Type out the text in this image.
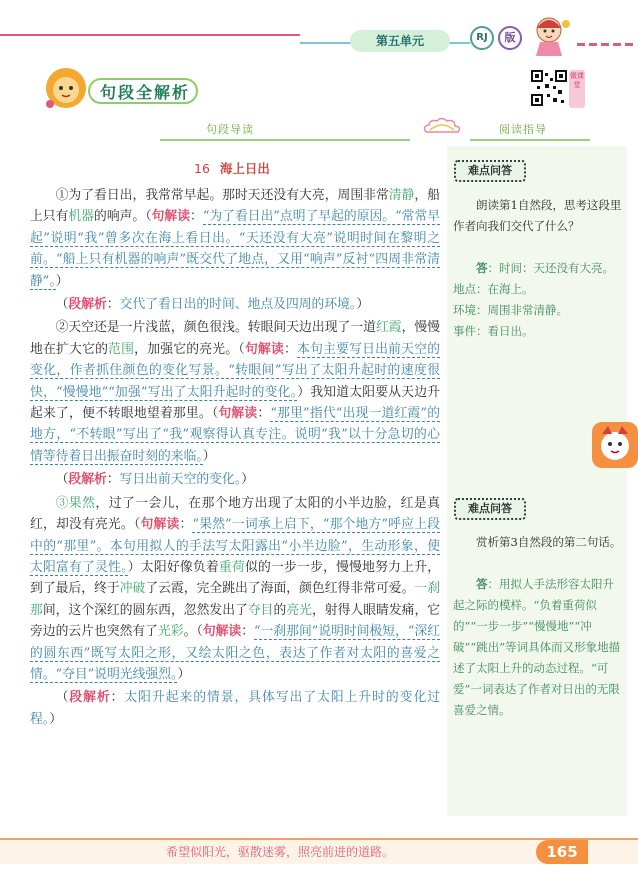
第五单元	RJ	版
句段全解析
微课堂
句段导读	阅读指导
难点问答
朗读第1自然段，思考这段里作者向我们交代了什么？
答：时间：天还没有大亮。
地点：在海上。
环境：周围非常清静。
事件：看日出。
难点问答
赏析第3自然段的第二句话。
答：用拟人手法形容太阳升起之际的模样。“负着重荷似的”“一步一步”“慢慢地”“冲破”“跳出”等词具体而又形象地描述了太阳上升的动态过程。“可爱”一词表达了作者对日出的无限喜爱之情。
16 海上日出

①为了看日出，我常常早起。那时天还没有大亮，周围非常清静，船上只有机器的响声。（句解读：“为了看日出”点明了早起的原因。“常常早起”说明“我”曾多次在海上看日出。“天还没有大亮”说明时间在黎明之前。“船上只有机器的响声”既交代了地点，又用“响声”反衬“四周非常清静”。）

（段解析：交代了看日出的时间、地点及四周的环境。）

②天空还是一片浅蓝，颜色很浅。转眼间天边出现了一道红霞，慢慢地在扩大它的范围，加强它的亮光。（句解读：本句主要写日出前天空的变化，作者抓住颜色的变化写景。“转眼间”写出了太阳升起时的速度很快，“慢慢地”“加强”写出了太阳升起时的变化。）我知道太阳要从天边升起来了，便不转眼地望着那里。（句解读：“那里”指代“出现一道红霞”的地方，“不转眼”写出了“我”观察得认真专注。说明“我”以十分急切的心情等待着日出振奋时刻的来临。）

（段解析：写日出前天空的变化。）

③果然，过了一会儿，在那个地方出现了太阳的小半边脸，红是真红，却没有亮光。（句解读：“果然”一词承上启下，“那个地方”呼应上段中的“那里”。本句用拟人的手法写太阳露出“小半边脸”，生动形象，使太阳富有了灵性。）太阳好像负着重荷似的一步一步，慢慢地努力上升，到了最后，终于冲破了云霞，完全跳出了海面，颜色红得非常可爱。一刹那间，这个深红的圆东西，忽然发出了夺目的亮光，射得人眼睛发痛，它旁边的云片也突然有了光彩。（句解读：“一刹那间”说明时间极短，“深红的圆东西”既写太阳之形，又绘太阳之色，表达了作者对太阳的喜爱之情。“夺目”说明光线强烈。）

（段解析：太阳升起来的情景，具体写出了太阳上升时的变化过程。）

希望似阳光，驱散迷雾，照亮前进的道路。	165
